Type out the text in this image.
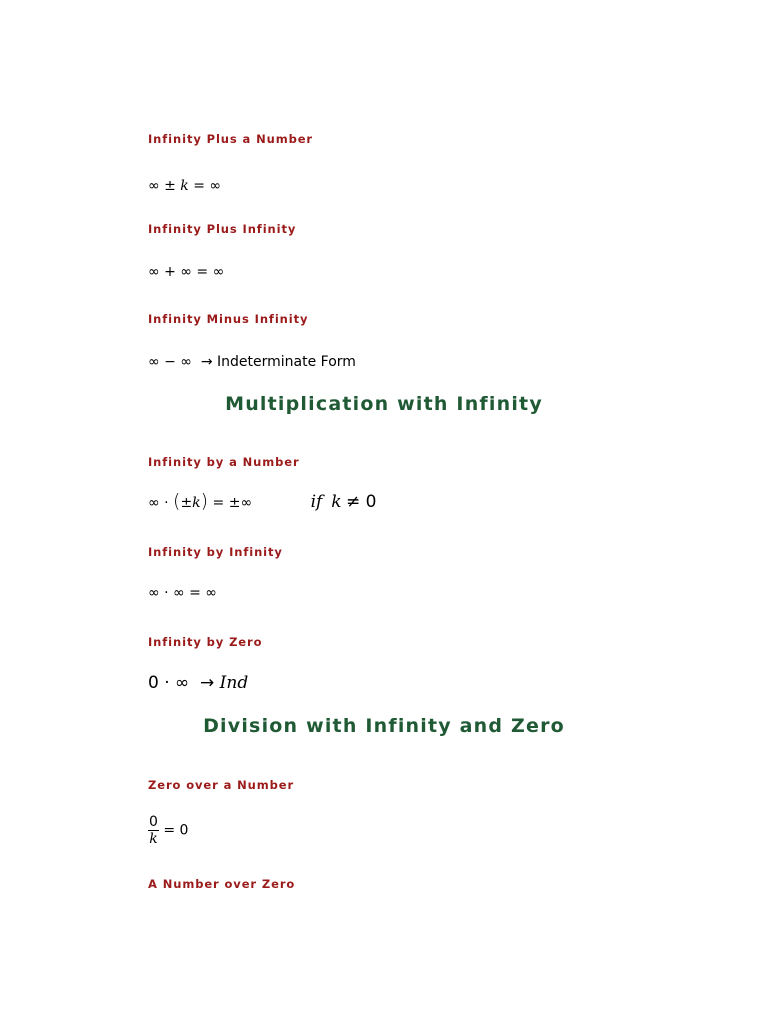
Infinity Plus a Number
∞ ± k = ∞
Infinity Plus Infinity
∞ + ∞ = ∞
Infinity Minus Infinity
∞ − ∞  → Indeterminate Form
Multiplication with Infinity
Infinity by a Number
∞ · (±k) = ±∞	if k ≠ 0
Infinity by Infinity
∞ · ∞ = ∞
Infinity by Zero
0 · ∞  → Ind
Division with Infinity and Zero
Zero over a Number
$\frac{0}{k} = 0$
A Number over Zero
